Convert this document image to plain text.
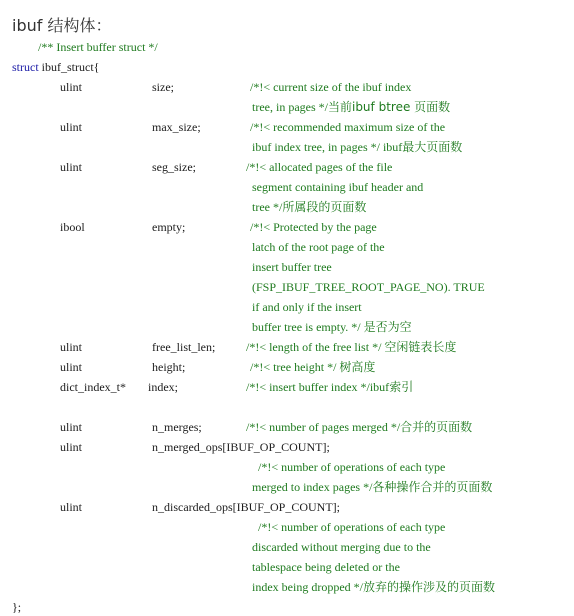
ibuf 结构体：
/** Insert buffer struct */
struct ibuf_struct{
ulint	size;	/*!< current size of the ibuf index
tree, in pages */当前ibuf btree 页面数
ulint	max_size;	/*!< recommended maximum size of the
ibuf index tree, in pages */ ibuf最大页面数
ulint	seg_size;	/*!< allocated pages of the file
segment containing ibuf header and
tree */所属段的页面数
ibool	empty;	/*!< Protected by the page
latch of the root page of the
insert buffer tree
(FSP_IBUF_TREE_ROOT_PAGE_NO). TRUE
if and only if the insert
buffer tree is empty. */ 是否为空
ulint	free_list_len;	/*!< length of the free list */ 空闲链表长度
ulint	height;	/*!< tree height */ 树高度
dict_index_t* index;	/*!< insert buffer index */ibuf索引
ulint	n_merges;	/*!< number of pages merged */合并的页面数
ulint	n_merged_ops[IBUF_OP_COUNT];
/*!< number of operations of each type
merged to index pages */各种操作合并的页面数
ulint	n_discarded_ops[IBUF_OP_COUNT];
/*!< number of operations of each type
discarded without merging due to the
tablespace being deleted or the
index being dropped */放弃的操作涉及的页面数
};
